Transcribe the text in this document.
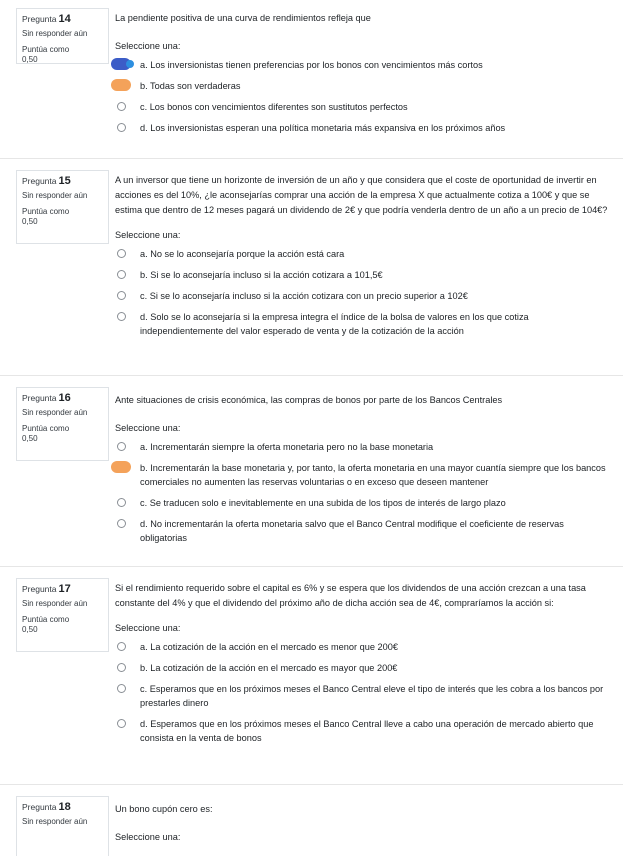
Pregunta 14
Sin responder aún
Puntúa como
0,50

La pendiente positiva de una curva de rendimientos refleja que

Seleccione una:
a. Los inversionistas tienen preferencias por los bonos con vencimientos más cortos
b. Todas son verdaderas
c. Los bonos con vencimientos diferentes son sustitutos perfectos
d. Los inversionistas esperan una política monetaria más expansiva en los próximos años
Pregunta 15
Sin responder aún
Puntúa como
0,50

A un inversor que tiene un horizonte de inversión de un año y que considera que el coste de oportunidad de invertir en acciones es del 10%, ¿le aconsejarías comprar una acción de la empresa X que actualmente cotiza a 100€ y que se estima que dentro de 12 meses pagará un dividendo de 2€ y que podría venderla dentro de un año a un precio de 104€?

Seleccione una:
a. No se lo aconsejaría porque la acción está cara
b. Si se lo aconsejaría incluso si la acción cotizara a 101,5€
c. Si se lo aconsejaría incluso si la acción cotizara con un precio superior a 102€
d. Solo se lo aconsejaría si la empresa integra el índice de la bolsa de valores en los que cotiza independientemente del valor esperado de venta y de la cotización de la acción
Pregunta 16
Sin responder aún
Puntúa como
0,50

Ante situaciones de crisis económica, las compras de bonos por parte de los Bancos Centrales

Seleccione una:
a. Incrementarán siempre la oferta monetaria pero no la base monetaria
b. Incrementarán la base monetaria y, por tanto, la oferta monetaria en una mayor cuantía siempre que los bancos comerciales no aumenten las reservas voluntarias o en exceso que deseen mantener
c. Se traducen solo e inevitablemente en una subida de los tipos de interés de largo plazo
d. No incrementarán la oferta monetaria salvo que el Banco Central modifique el coeficiente de reservas obligatorias
Pregunta 17
Sin responder aún
Puntúa como
0,50

Si el rendimiento requerido sobre el capital es 6% y se espera que los dividendos de una acción crezcan a una tasa constante del 4% y que el dividendo del próximo año de dicha acción sea de 4€, compraríamos la acción si:

Seleccione una:
a. La cotización de la acción en el mercado es menor que 200€
b. La cotización de la acción en el mercado es mayor que 200€
c. Esperamos que en los próximos meses el Banco Central eleve el tipo de interés que les cobra a los bancos por prestarles dinero
d. Esperamos que en los próximos meses el Banco Central lleve a cabo una operación de mercado abierto que consista en la venta de bonos
Pregunta 18
Sin responder aún

Un bono cupón cero es:

Seleccione una:
